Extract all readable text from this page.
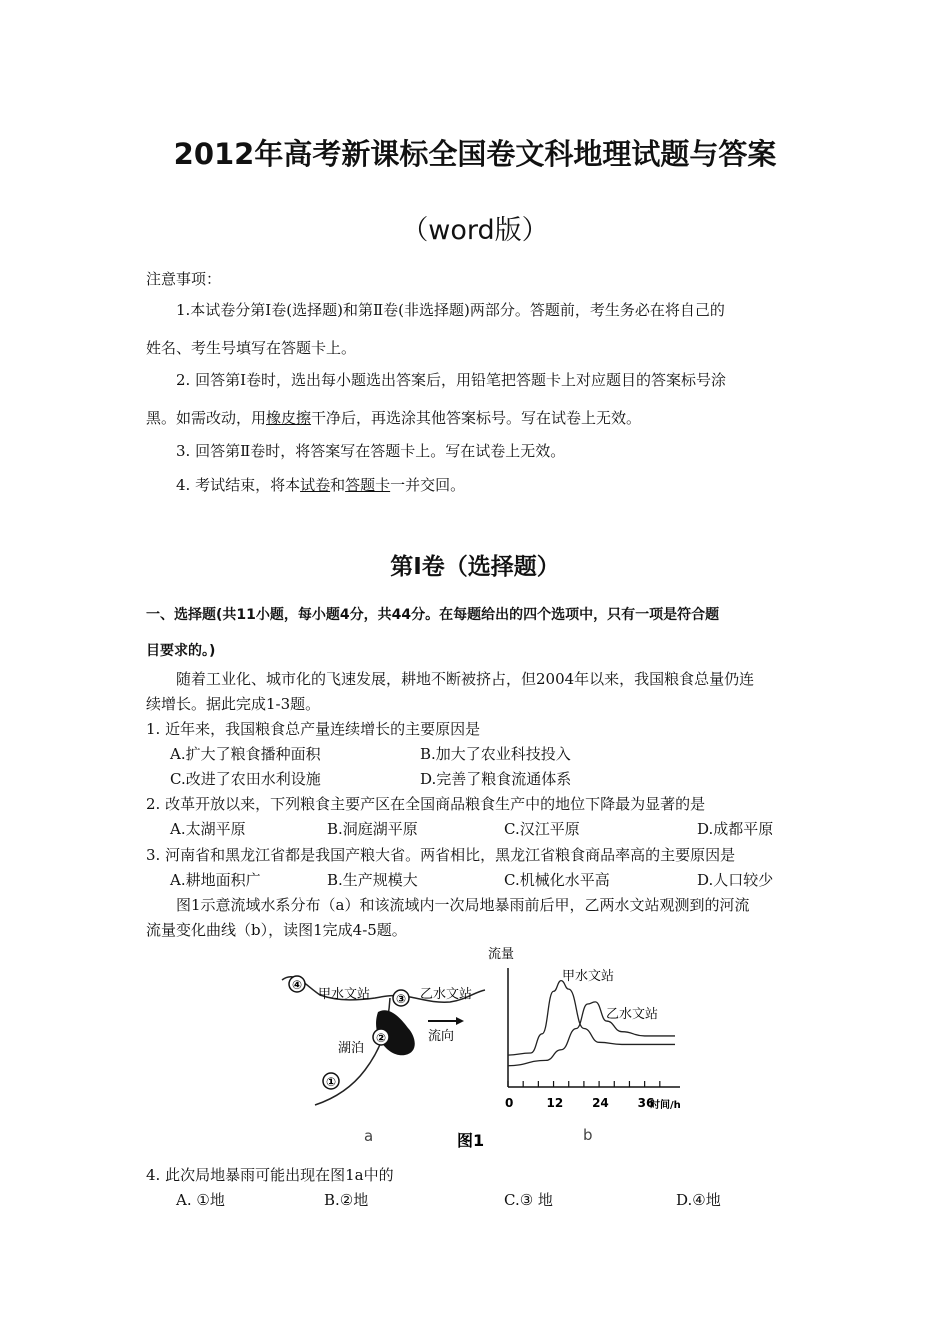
2012年高考新课标全国卷文科地理试题与答案
（word版）
注意事项：
1.本试卷分第Ⅰ卷(选择题)和第Ⅱ卷(非选择题)两部分。答题前，考生务必在将自己的
姓名、考生号填写在答题卡上。
2. 回答第Ⅰ卷时，选出每小题选出答案后，用铅笔把答题卡上对应题目的答案标号涂
黑。如需改动，用橡皮擦干净后，再选涂其他答案标号。写在试卷上无效。
3. 回答第Ⅱ卷时，将答案写在答题卡上。写在试卷上无效。
4. 考试结束，将本试卷和答题卡一并交回。
第Ⅰ卷（选择题）
一、选择题(共11小题，每小题4分，共44分。在每题给出的四个选项中，只有一项是符合题
目要求的。)
随着工业化、城市化的飞速发展，耕地不断被挤占，但2004年以来，我国粮食总量仍连
续增长。据此完成1-3题。
1. 近年来，我国粮食总产量连续增长的主要原因是
A.扩大了粮食播种面积	B.加大了农业科技投入
C.改进了农田水利设施	D.完善了粮食流通体系
2. 改革开放以来，下列粮食主要产区在全国商品粮食生产中的地位下降最为显著的是
A.太湖平原	B.洞庭湖平原	C.汉江平原	D.成都平原
3. 河南省和黑龙江省都是我国产粮大省。两省相比，黑龙江省粮食商品率高的主要原因是
A.耕地面积广	B.生产规模大	C.机械化水平高	D.人口较少
图1示意流域水系分布（a）和该流域内一次局地暴雨前后甲，乙两水文站观测到的河流
流量变化曲线（b），读图1完成4-5题。
④
③
②
①
甲水文站	乙水文站
湖泊
流向
流量
0	12 24 36
时间/h
甲水文站
乙水文站
a	图1	b
4. 此次局地暴雨可能出现在图1a中的
A. ①地	B.②地	C.③ 地	D.④地
